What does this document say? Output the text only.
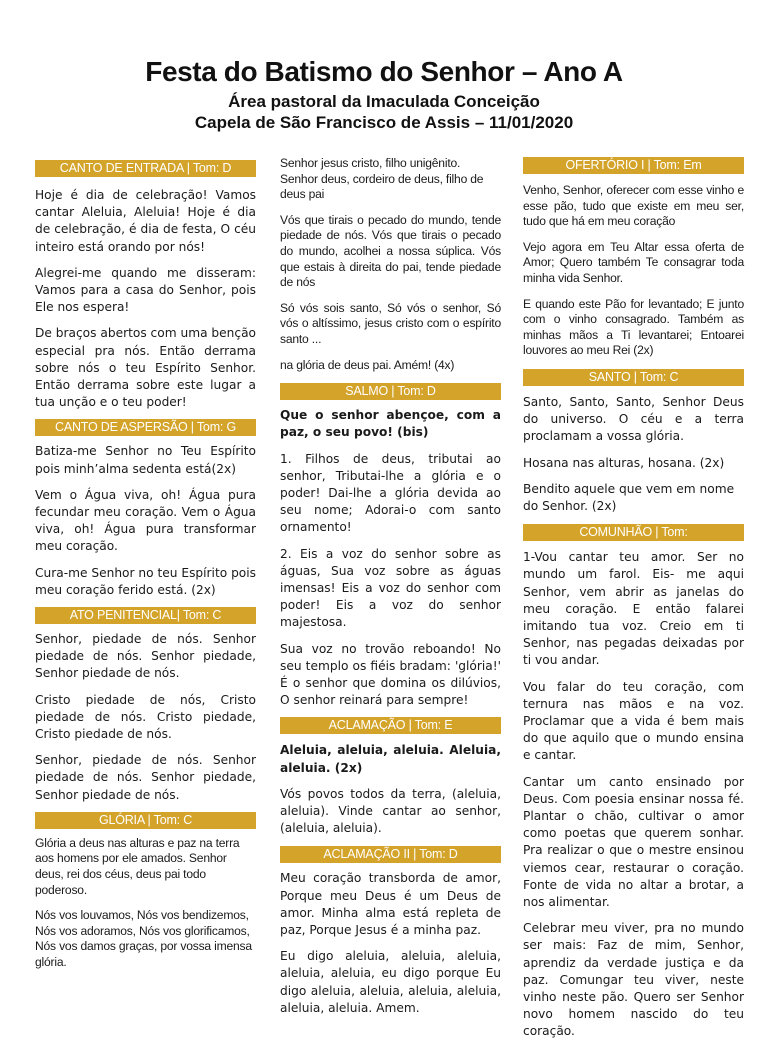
Festa do Batismo do Senhor – Ano A
Área pastoral da Imaculada Conceição
Capela de São Francisco de Assis – 11/01/2020
CANTO DE ENTRADA | Tom: D

Hoje é dia de celebração! Vamos cantar Aleluia, Aleluia! Hoje é dia de celebração, é dia de festa, O céu inteiro está orando por nós!

Alegrei-me quando me disseram: Vamos para a casa do Senhor, pois Ele nos espera!

De braços abertos com uma benção especial pra nós. Então derrama sobre nós o teu Espírito Senhor. Então derrama sobre este lugar a tua unção e o teu poder!

CANTO DE ASPERSÃO | Tom: G

Batiza-me Senhor no Teu Espírito pois minh’alma sedenta está(2x)

Vem o Água viva, oh! Água pura fecundar meu coração. Vem o Água viva, oh! Água pura transformar meu coração.

Cura-me Senhor no teu Espírito pois meu coração ferido está. (2x)

ATO PENITENCIAL| Tom: C

Senhor, piedade de nós. Senhor piedade de nós. Senhor piedade, Senhor piedade de nós.

Cristo piedade de nós, Cristo piedade de nós. Cristo piedade, Cristo piedade de nós.

Senhor, piedade de nós. Senhor piedade de nós. Senhor piedade, Senhor piedade de nós.

GLÓRIA | Tom: C

Glória a deus nas alturas e paz na terra aos homens por ele amados. Senhor deus, rei dos céus, deus pai todo poderoso.

Nós vos louvamos, Nós vos bendizemos, Nós vos adoramos, Nós vos glorificamos, Nós vos damos graças, por vossa imensa glória.

Senhor jesus cristo, filho unigênito. Senhor deus, cordeiro de deus, filho de deus pai

Vós que tirais o pecado do mundo, tende piedade de nós. Vós que tirais o pecado do mundo, acolhei a nossa súplica. Vós que estais à direita do pai, tende piedade de nós

Só vós sois santo, Só vós o senhor, Só vós o altíssimo, jesus cristo com o espírito santo ...

na glória de deus pai. Amém! (4x)

SALMO | Tom: D

Que o senhor abençoe, com a paz, o seu povo! (bis)

1. Filhos de deus, tributai ao senhor, Tributai-lhe a glória e o poder! Dai-lhe a glória devida ao seu nome; Adorai-o com santo ornamento!

2. Eis a voz do senhor sobre as águas, Sua voz sobre as águas imensas! Eis a voz do senhor com poder! Eis a voz do senhor majestosa.

Sua voz no trovão reboando! No seu templo os fiéis bradam: 'glória!' É o senhor que domina os dilúvios, O senhor reinará para sempre!

ACLAMAÇÃO | Tom: E

Aleluia, aleluia, aleluia. Aleluia, aleluia. (2x)

Vós povos todos da terra, (aleluia, aleluia). Vinde cantar ao senhor, (aleluia, aleluia).

ACLAMAÇÃO II | Tom: D

Meu coração transborda de amor, Porque meu Deus é um Deus de amor. Minha alma está repleta de paz, Porque Jesus é a minha paz.

Eu digo aleluia, aleluia, aleluia, aleluia, aleluia, eu digo porque Eu digo aleluia, aleluia, aleluia, aleluia, aleluia, aleluia. Amem.

OFERTÓRIO I | Tom: Em

Venho, Senhor, oferecer com esse vinho e esse pão, tudo que existe em meu ser, tudo que há em meu coração

Vejo agora em Teu Altar essa oferta de Amor; Quero também Te consagrar toda minha vida Senhor.

E quando este Pão for levantado; E junto com o vinho consagrado. Também as minhas mãos a Ti levantarei; Entoarei louvores ao meu Rei (2x)

SANTO | Tom: C

Santo, Santo, Santo, Senhor Deus do universo. O céu e a terra proclamam a vossa glória.

Hosana nas alturas, hosana. (2x)

Bendito aquele que vem em nome do Senhor. (2x)

COMUNHÃO | Tom:

1-Vou cantar teu amor. Ser no mundo um farol. Eis- me aqui Senhor, vem abrir as janelas do meu coração. E então falarei imitando tua voz. Creio em ti Senhor, nas pegadas deixadas por ti vou andar.

Vou falar do teu coração, com ternura nas mãos e na voz. Proclamar que a vida é bem mais do que aquilo que o mundo ensina e cantar.

Cantar um canto ensinado por Deus. Com poesia ensinar nossa fé. Plantar o chão, cultivar o amor como poetas que querem sonhar. Pra realizar o que o mestre ensinou viemos cear, restaurar o coração. Fonte de vida no altar a brotar, a nos alimentar.

Celebrar meu viver, pra no mundo ser mais: Faz de mim, Senhor, aprendiz da verdade justiça e da paz. Comungar teu viver, neste vinho neste pão. Quero ser Senhor novo homem nascido do teu coração.
